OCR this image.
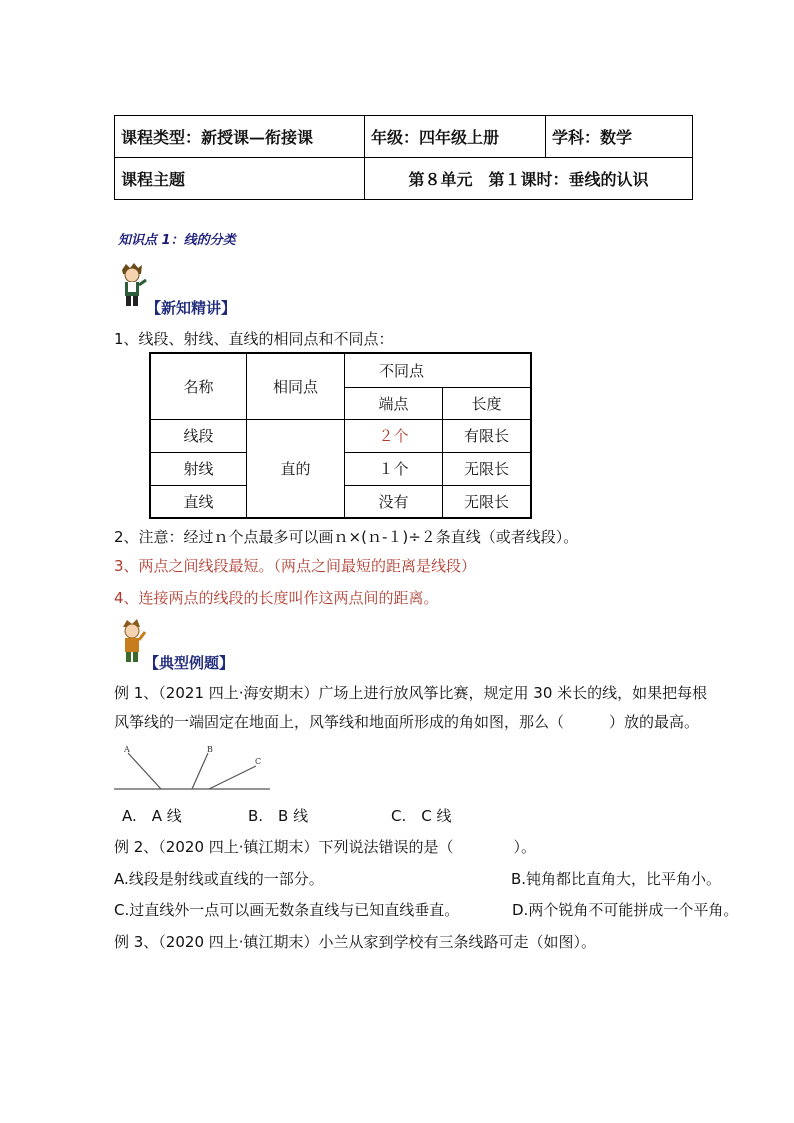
课程类型：新授课—衔接课	年级：四年级上册	学科：数学
课程主题	第８单元　第１课时：垂线的认识	
知识点 1：线的分类
【新知精讲】
1、线段、射线、直线的相同点和不同点：
名称	相同点	不同点	
		端点	长度
线段	直的	２个	有限长
射线		１个	无限长
直线		没有	无限长
2、注意：经过ｎ个点最多可以画ｎ×(ｎ-１)÷２条直线（或者线段）。
3、两点之间线段最短。（两点之间最短的距离是线段）
4、连接两点的线段的长度叫作这两点间的距离。
【典型例题】
例 1、（2021 四上·海安期末）广场上进行放风筝比赛，规定用 30 米长的线，如果把每根
风筝线的一端固定在地面上，风筝线和地面所形成的角如图，那么（　　　）放的最高。
A	B
C
A.　A 线	B.　B 线	C.　C 线
例 2、（2020 四上·镇江期末）下列说法错误的是（　　　　）。
A.线段是射线或直线的一部分。	B.钝角都比直角大，比平角小。
C.过直线外一点可以画无数条直线与已知直线垂直。	D.两个锐角不可能拼成一个平角。
例 3、（2020 四上·镇江期末）小兰从家到学校有三条线路可走（如图）。
